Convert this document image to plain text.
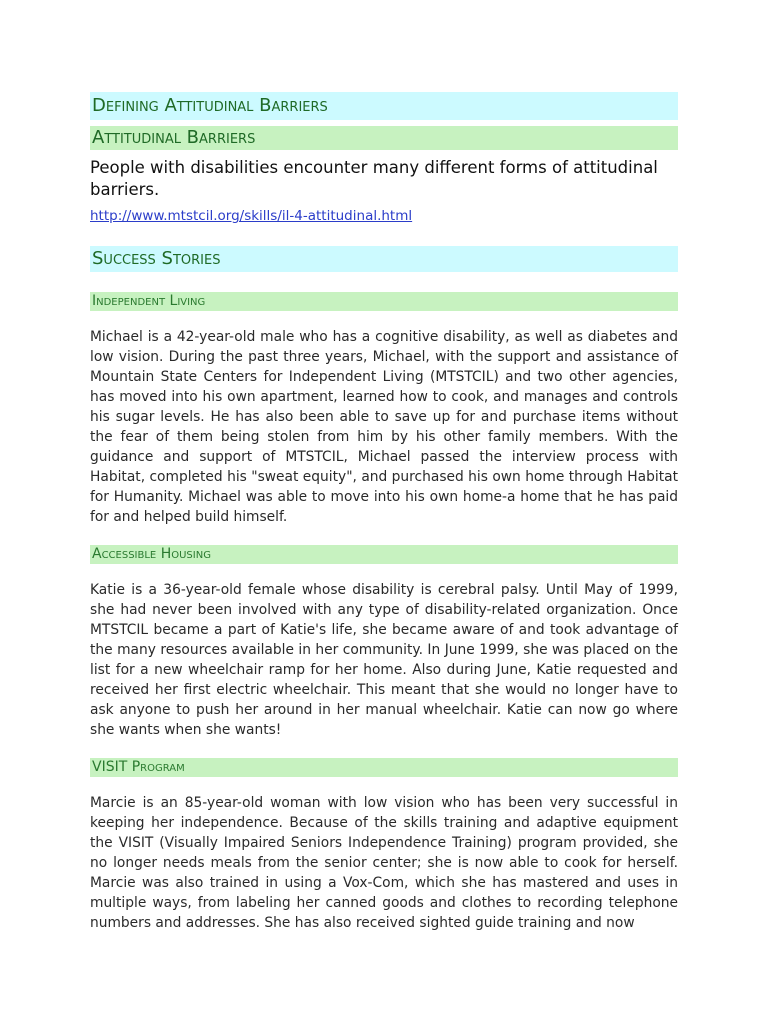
Defining Attitudinal Barriers
Attitudinal Barriers

People with disabilities encounter many different forms of attitudinal barriers.

http://www.mtstcil.org/skills/il-4-attitudinal.html
Success Stories
Independent Living

Michael is a 42-year-old male who has a cognitive disability, as well as diabetes and low vision. During the past three years, Michael, with the support and assistance of Mountain State Centers for Independent Living (MTSTCIL) and two other agencies, has moved into his own apartment, learned how to cook, and manages and controls his sugar levels. He has also been able to save up for and purchase items without the fear of them being stolen from him by his other family members. With the guidance and support of MTSTCIL, Michael passed the interview process with Habitat, completed his "sweat equity", and purchased his own home through Habitat for Humanity. Michael was able to move into his own home-a home that he has paid for and helped build himself.

Accessible Housing

Katie is a 36-year-old female whose disability is cerebral palsy. Until May of 1999, she had never been involved with any type of disability-related organization. Once MTSTCIL became a part of Katie's life, she became aware of and took advantage of the many resources available in her community. In June 1999, she was placed on the list for a new wheelchair ramp for her home. Also during June, Katie requested and received her first electric wheelchair. This meant that she would no longer have to ask anyone to push her around in her manual wheelchair. Katie can now go where she wants when she wants!

VISIT Program

Marcie is an 85-year-old woman with low vision who has been very successful in keeping her independence. Because of the skills training and adaptive equipment the VISIT (Visually Impaired Seniors Independence Training) program provided, she no longer needs meals from the senior center; she is now able to cook for herself. Marcie was also trained in using a Vox-Com, which she has mastered and uses in multiple ways, from labeling her canned goods and clothes to recording telephone numbers and addresses. She has also received sighted guide training and now
